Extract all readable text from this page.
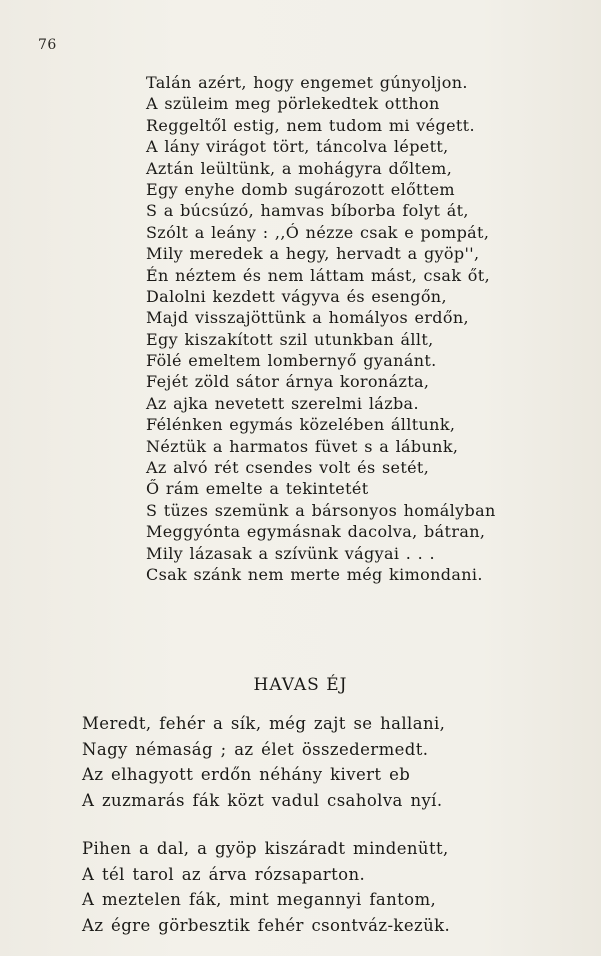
76
Talán azért, hogy engemet gúnyoljon.
A szüleim meg pörlekedtek otthon
Reggeltől estig, nem tudom mi végett.
A lány virágot tört, táncolva lépett,
Aztán leültünk, a mohágyra dőltem,
Egy enyhe domb sugározott előttem
S a búcsúzó, hamvas bíborba folyt át,
Szólt a leány : ,,Ó nézze csak e pompát,
Mily meredek a hegy, hervadt a gyöp'',
Én néztem és nem láttam mást, csak őt,
Dalolni kezdett vágyva és esengőn,
Majd visszajöttünk a homályos erdőn,
Egy kiszakított szil utunkban állt,
Fölé emeltem lombernyő gyanánt.
Fejét zöld sátor árnya koronázta,
Az ajka nevetett szerelmi lázba.
Félénken egymás közelében álltunk,
Néztük a harmatos füvet s a lábunk,
Az alvó rét csendes volt és setét,
Ő rám emelte a tekintetét
S tüzes szemünk a bársonyos homályban
Meggyónta egymásnak dacolva, bátran,
Mily lázasak a szívünk vágyai . . .
Csak szánk nem merte még kimondani.
HAVAS ÉJ
Meredt, fehér a sík, még zajt se hallani,
Nagy némaság ; az élet összedermedt.
Az elhagyott erdőn néhány kivert eb
A zuzmarás fák közt vadul csaholva nyí.
Pihen a dal, a gyöp kiszáradt mindenütt,
A tél tarol az árva rózsaparton.
A meztelen fák, mint megannyi fantom,
Az égre görbesztik fehér csontváz-kezük.
